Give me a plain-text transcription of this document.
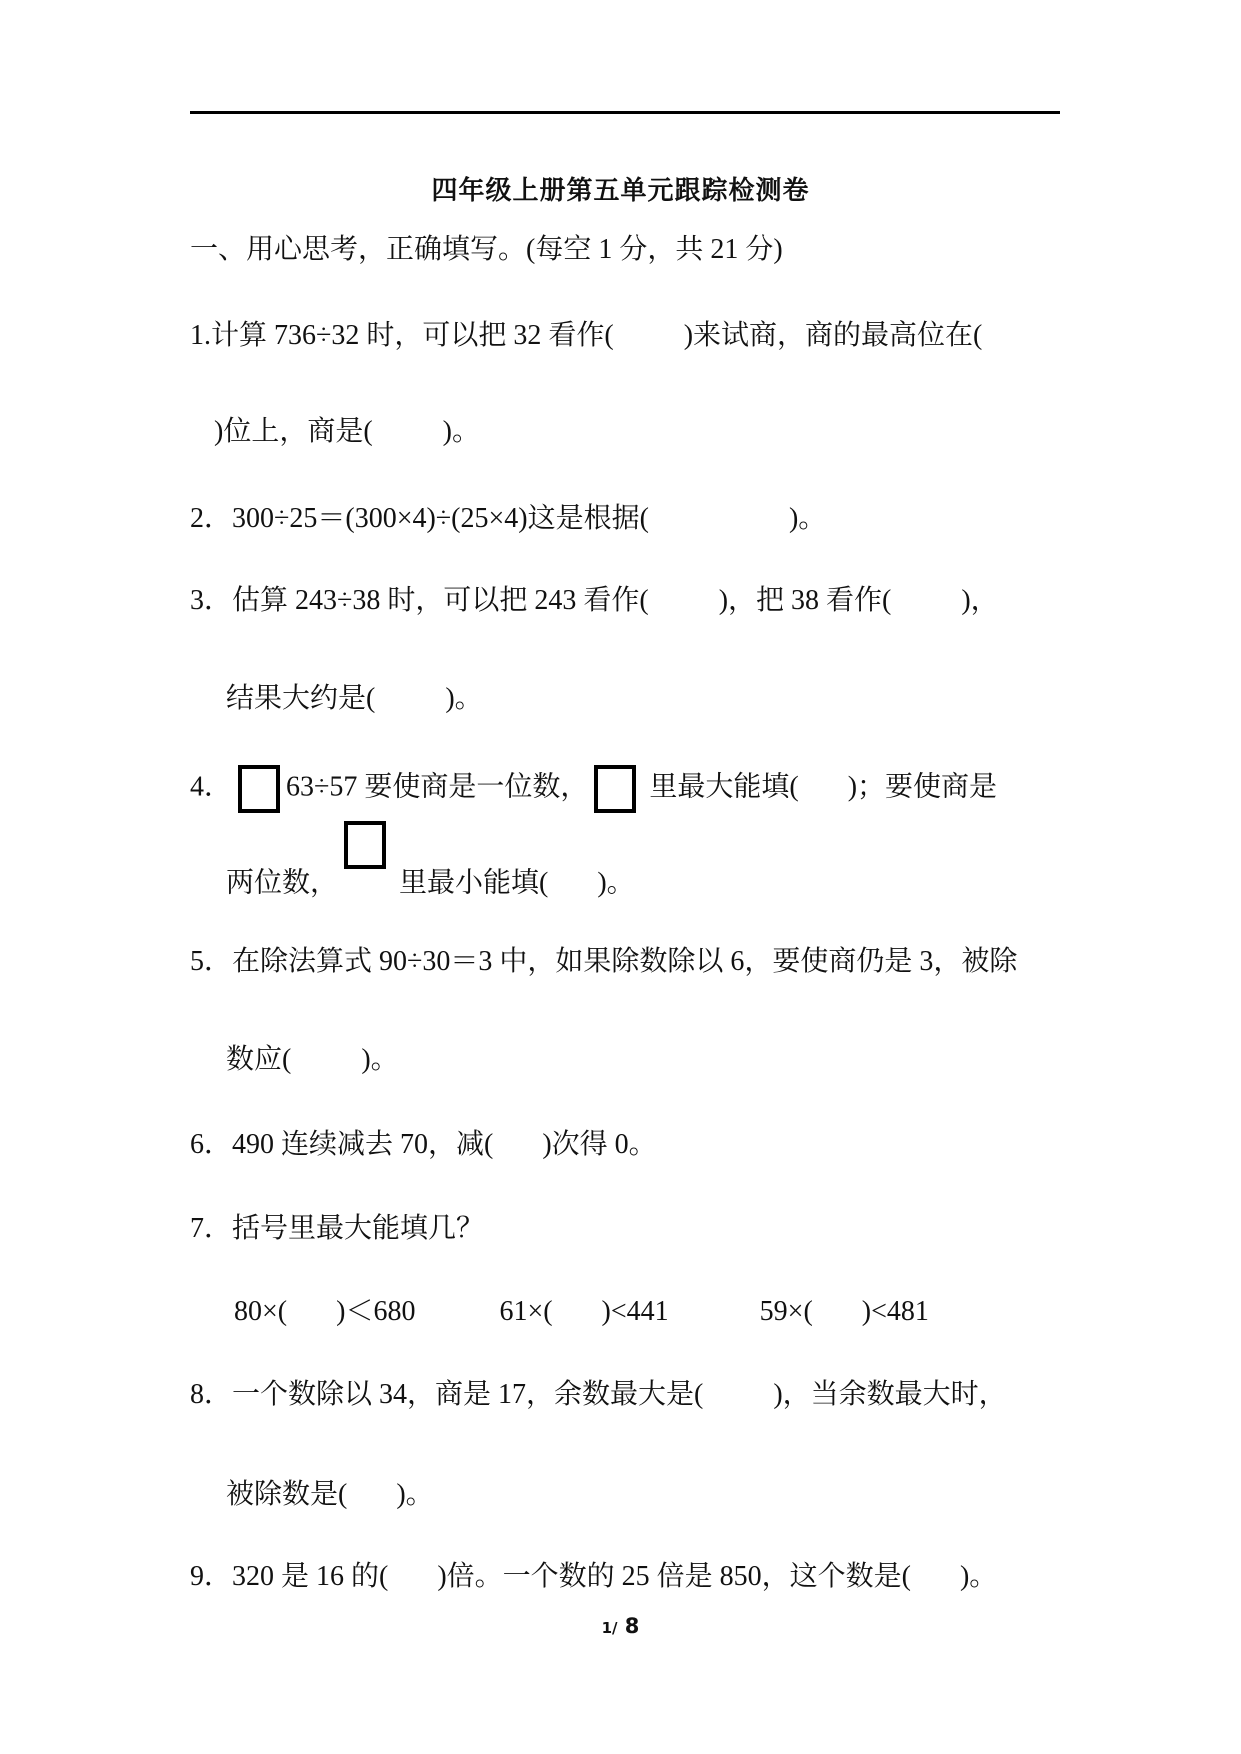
四年级上册第五单元跟踪检测卷
一、用心思考，正确填写。(每空 1 分，共 21 分)
1.计算 736÷32 时，可以把 32 看作(          )来试商，商的最高位在(
)位上，商是(          )。
2．300÷25＝(300×4)÷(25×4)这是根据(                    )。
3．估算 243÷38 时，可以把 243 看作(          )，把 38 看作(          )，
结果大约是(          )。
4． 63÷57 要使商是一位数， 里最大能填(       )；要使商是
两位数， 里最小能填(       )。
5．在除法算式 90÷30＝3 中，如果除数除以 6，要使商仍是 3，被除
数应(          )。
6．490 连续减去 70，减(       )次得 0。
7．括号里最大能填几？
80×(       )＜680            61×(       )<441             59×(       )<481
8．一个数除以 34，商是 17，余数最大是(          )，当余数最大时，
被除数是(       )。
9．320 是 16 的(       )倍。一个数的 25 倍是 850，这个数是(       )。
1/ 8
